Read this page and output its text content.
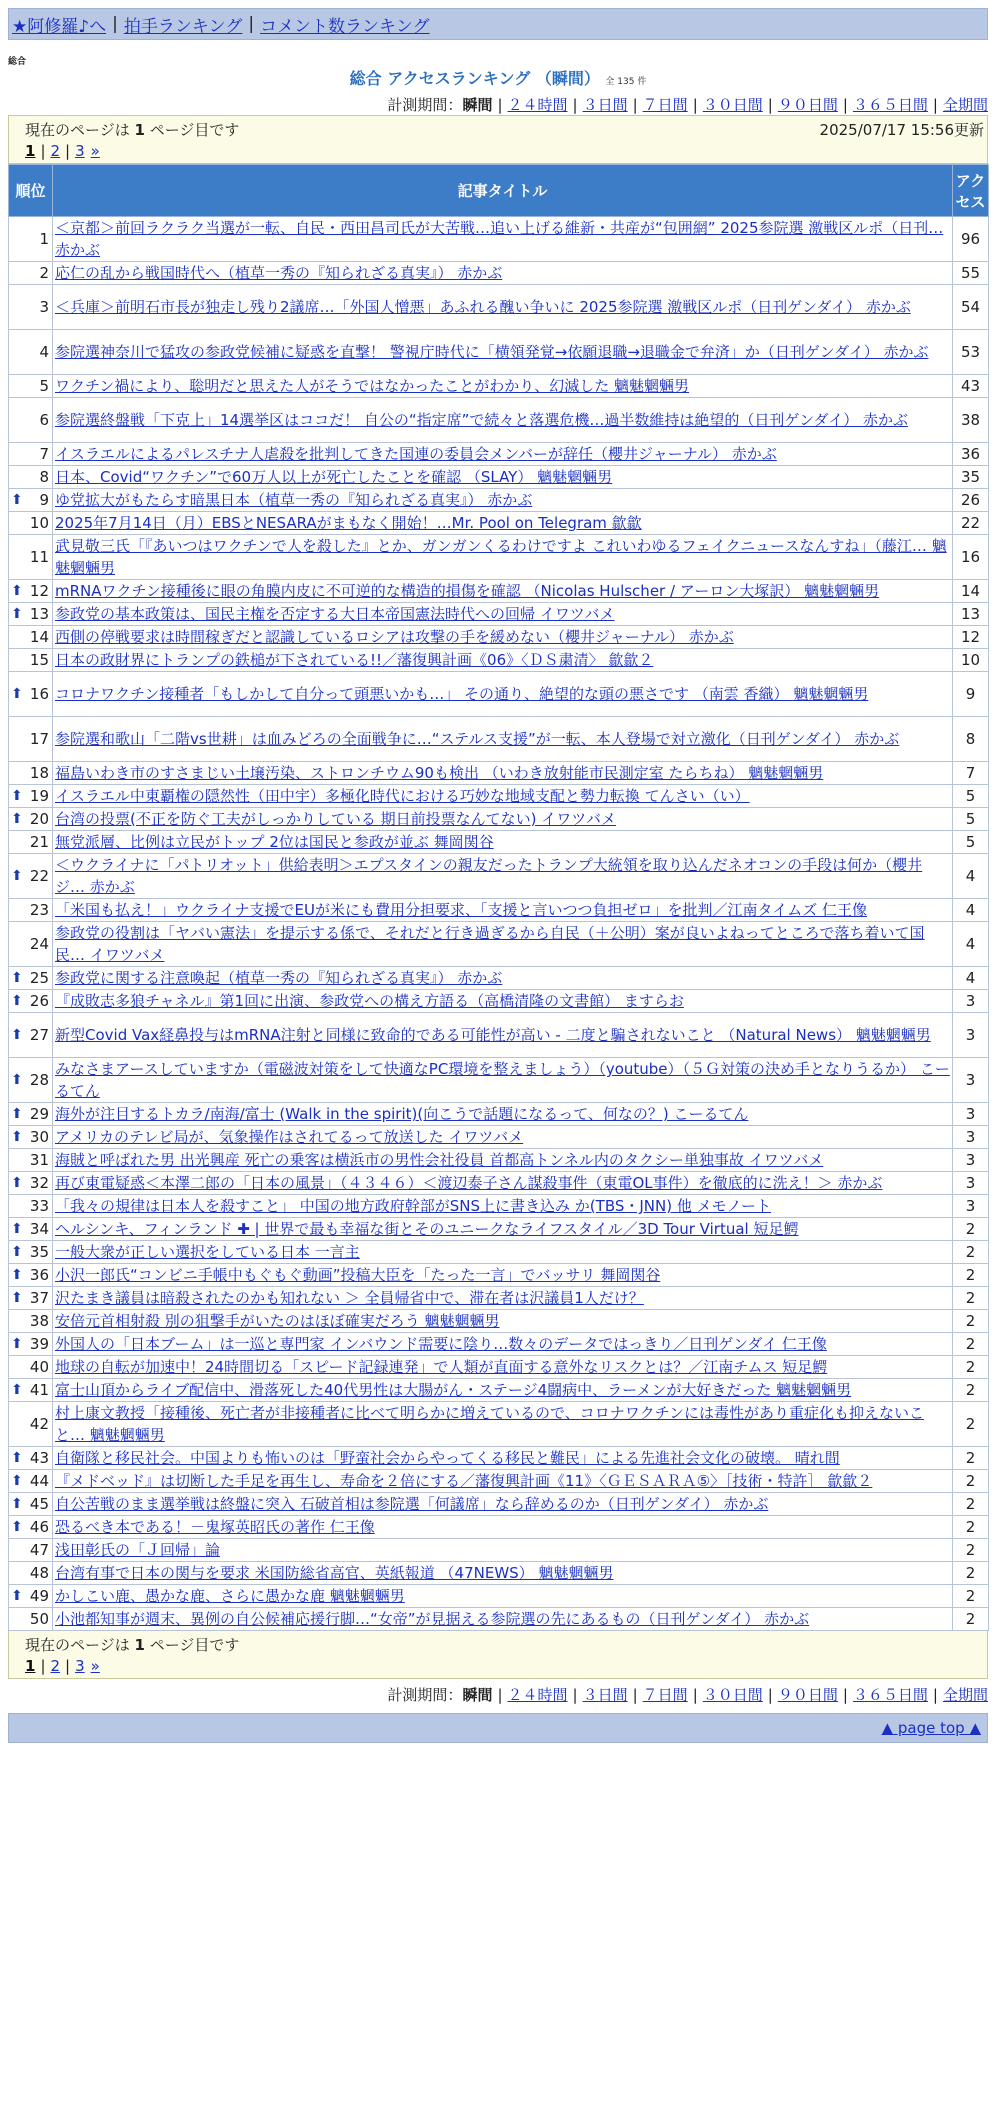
★阿修羅♪へ | 拍手ランキング | コメント数ランキング
総合
総合 アクセスランキング （瞬間） 全 135 件
計測期間：瞬間 | ２４時間 | ３日間 | ７日間 | ３０日間 | ９０日間 | ３６５日間 | 全期間
現在のページは 1 ページ目です	2025/07/17 15:56更新
1 | 2 | 3 »
順位	記事タイトル	アクセス
1	＜京都＞前回ラクラク当選が一転、自民・西田昌司氏が大苦戦…追い上げる維新・共産が“包囲網” 2025参院選 激戦区ルポ（日刊… 赤かぶ	96
2	応仁の乱から戦国時代へ（植草一秀の『知られざる真実』） 赤かぶ	55
3	＜兵庫＞前明石市長が独走し残り2議席…「外国人憎悪」あふれる醜い争いに 2025参院選 激戦区ルポ（日刊ゲンダイ） 赤かぶ	54
4	参院選神奈川で猛攻の参政党候補に疑惑を直撃！ 警視庁時代に「横領発覚→依願退職→退職金で弁済」か（日刊ゲンダイ） 赤かぶ	53
5	ワクチン禍により、聡明だと思えた人がそうではなかったことがわかり、幻滅した 魑魅魍魎男	43
6	参院選終盤戦「下克上」14選挙区はココだ！ 自公の“指定席”で続々と落選危機…過半数維持は絶望的（日刊ゲンダイ） 赤かぶ	38
7	イスラエルによるパレスチナ人虐殺を批判してきた国連の委員会メンバーが辞任（櫻井ジャーナル） 赤かぶ	36
8	日本、Covid“ワクチン”で60万人以上が死亡したことを確認 （SLAY） 魑魅魍魎男	35

⬆ 9	ゆ党拡大がもたらす暗黒日本（植草一秀の『知られざる真実』） 赤かぶ	26
10	2025年7月14日（月）EBSとNESARAがまもなく開始！…Mr. Pool on Telegram 歙歙	22
11	武見敬三氏「『あいつはワクチンで人を殺した』とか、ガンガンくるわけですよ これいわゆるフェイクニュースなんすね」（藤江… 魑魅魍魎男	16

⬆ 12	mRNAワクチン接種後に眼の角膜内皮に不可逆的な構造的損傷を確認 （Nicolas Hulscher / アーロン大塚訳） 魑魅魍魎男	14

⬆ 13	参政党の基本政策は、国民主権を否定する大日本帝国憲法時代への回帰 イワツバメ	13
14	西側の停戦要求は時間稼ぎだと認識しているロシアは攻撃の手を緩めない（櫻井ジャーナル） 赤かぶ	12
15	日本の政財界にトランプの鉄槌が下されている!!／藩復興計画《06》〈ＤＳ粛清〉 歙歙２	10

⬆ 16	コロナワクチン接種者「もしかして自分って頭悪いかも…」 その通り、絶望的な頭の悪さです （南雲 香織） 魑魅魍魎男	9
17	参院選和歌山「二階vs世耕」は血みどろの全面戦争に…“ステルス支援”が一転、本人登場で対立激化（日刊ゲンダイ） 赤かぶ	8
18	福島いわき市のすさまじい土壌汚染、ストロンチウム90も検出 （いわき放射能市民測定室 たらちね） 魑魅魍魎男	7

⬆ 19	イスラエル中東覇権の隠然性（田中宇）多極化時代における巧妙な地域支配と勢力転換 てんさい（い）	5

⬆ 20	台湾の投票(不正を防ぐ工夫がしっかりしている 期日前投票なんてない) イワツバメ	5
21	無党派層、比例は立民がトップ 2位は国民と参政が並ぶ 舞岡関谷	5

⬆ 22	＜ウクライナに「パトリオット」供給表明＞エプスタインの親友だったトランプ大統領を取り込んだネオコンの手段は何か（櫻井ジ… 赤かぶ	4
23	「米国も払え！」ウクライナ支援でEUが米にも費用分担要求、「支援と言いつつ負担ゼロ」を批判／江南タイムズ 仁王像	4
24	参政党の役割は「ヤバい憲法」を提示する係で、それだと行き過ぎるから自民（＋公明）案が良いよねってところで落ち着いて国民… イワツバメ	4

⬆ 25	参政党に関する注意喚起（植草一秀の『知られざる真実』） 赤かぶ	4

⬆ 26	『成敗志多狼チャネル』第1回に出演、参政党への構え方語る（高橋清隆の文書館） ますらお	3

⬆ 27	新型Covid Vax経鼻投与はmRNA注射と同様に致命的である可能性が高い - 二度と騙されないこと （Natural News） 魑魅魍魎男	3

⬆ 28	みなさまアースしていますか（電磁波対策をして快適なPC環境を整えましょう）（youtube）（５Ｇ対策の決め手となりうるか） こーるてん	3

⬆ 29	海外が注目するトカラ/南海/富士 (Walk in the spirit)(向こうで話題になるって、何なの？) こーるてん	3

⬆ 30	アメリカのテレビ局が、気象操作はされてるって放送した イワツバメ	3
31	海賊と呼ばれた男 出光興産 死亡の乗客は横浜市の男性会社役員 首都高トンネル内のタクシー単独事故 イワツバメ	3

⬆ 32	再び東電疑惑＜本澤二郎の「日本の風景」（４３４６）＜渡辺泰子さん謀殺事件（東電OL事件）を徹底的に洗え！＞ 赤かぶ	3
33	「我々の規律は日本人を殺すこと」 中国の地方政府幹部がSNS上に書き込み か(TBS・JNN) 他 メモノート	3

⬆ 34	ヘルシンキ、フィンランド ✚ | 世界で最も幸福な街とそのユニークなライフスタイル／3D Tour Virtual 短足鰐	2

⬆ 35	一般大衆が正しい選択をしている日本 一言主	2

⬆ 36	小沢一郎氏“コンビニ手帳中もぐもぐ動画”投稿大臣を「たった一言」でバッサリ 舞岡関谷	2

⬆ 37	沢たまき議員は暗殺されたのかも知れない ＞ 全員帰省中で、滞在者は沢議員1人だけ？	2
38	安倍元首相射殺 別の狙撃手がいたのはほぼ確実だろう 魑魅魍魎男	2

⬆ 39	外国人の「日本ブーム」は一巡と専門家 インバウンド需要に陰り…数々のデータではっきり／日刊ゲンダイ 仁王像	2
40	地球の自転が加速中！24時間切る「スピード記録連発」で人類が直面する意外なリスクとは？／江南チムス 短足鰐	2

⬆ 41	富士山頂からライブ配信中、滑落死した40代男性は大腸がん・ステージ4闘病中、ラーメンが大好きだった 魑魅魍魎男	2
42	村上康文教授「接種後、死亡者が非接種者に比べて明らかに増えているので、コロナワクチンには毒性があり重症化も抑えないこと… 魑魅魍魎男	2

⬆ 43	自衛隊と移民社会。中国よりも怖いのは「野蛮社会からやってくる移民と難民」による先進社会文化の破壊。 晴れ間	2

⬆ 44	『メドベッド』は切断した手足を再生し、寿命を２倍にする／藩復興計画《11》〈ＧＥＳＡＲＡ⑤〉［技術・特許］ 歙歙２	2

⬆ 45	自公苦戦のまま選挙戦は終盤に突入 石破首相は参院選「何議席」なら辞めるのか（日刊ゲンダイ） 赤かぶ	2

⬆ 46	恐るべき本である！－鬼塚英昭氏の著作 仁王像	2
47	浅田彰氏の「Ｊ回帰」論	2
48	台湾有事で日本の関与を要求 米国防総省高官、英紙報道 （47NEWS） 魑魅魍魎男	2

⬆ 49	かしこい鹿、愚かな鹿、さらに愚かな鹿 魑魅魍魎男	2
50	小池都知事が週末、異例の自公候補応援行脚…“女帝”が見据える参院選の先にあるもの（日刊ゲンダイ） 赤かぶ	2
現在のページは 1 ページ目です
1 | 2 | 3 »
計測期間：瞬間 | ２４時間 | ３日間 | ７日間 | ３０日間 | ９０日間 | ３６５日間 | 全期間
▲ page top ▲
